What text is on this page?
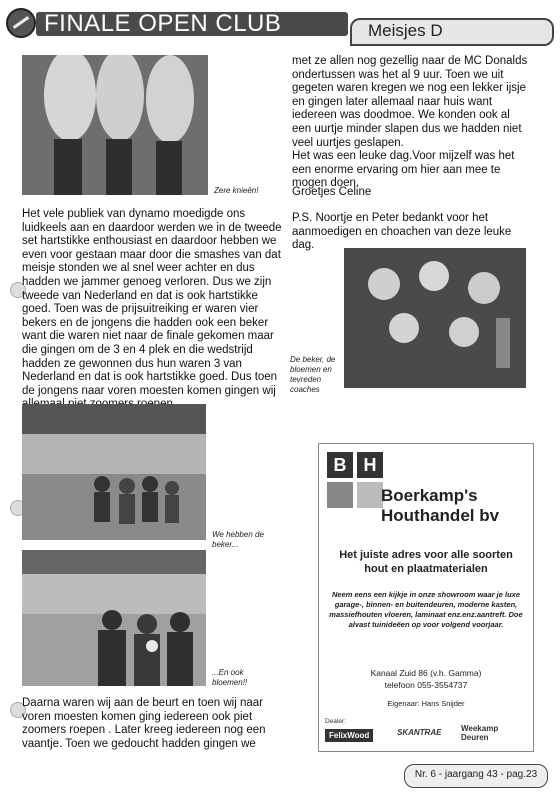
FINALE OPEN CLUB	Meisjes D
Zere knieën!
Het vele publiek van dynamo moedigde ons luidkeels aan en daardoor werden we in de tweede set hartstikke enthousiast en daardoor hebben we even voor gestaan maar door die smashes van dat meisje stonden we al snel weer achter en dus hadden we jammer genoeg verloren. Dus we zijn tweede van Nederland en dat is ook hartstikke goed. Toen was de prijsuitreiking er waren vier bekers en de jongens die hadden ook een beker want die waren niet naar de finale gekomen maar die gingen om de 3 en 4 plek en die wedstrijd hadden ze gewonnen dus hun waren 3 van Nederland en dat is ook hartstikke goed. Dus toen de jongens naar voren moesten komen gingen wij
We hebben de beker...
...En ook bloemen!!
Daarna waren wij aan de beurt en toen wij naar voren moesten komen ging iedereen ook piet zoomers roepen . Later kreeg iedereen nog een vaantje. Toen we gedoucht hadden gingen we
met ze allen nog gezellig naar de MC Donalds ondertussen was het al 9 uur. Toen we uit gegeten waren kregen we nog een lekker ijsje en gingen later allemaal naar huis want iedereen was doodmoe. We konden ook al een uurtje minder slapen dus we hadden niet veel uurtjes geslapen.
Het was een leuke dag.Voor mijzelf was het een enorme ervaring om hier aan mee te mogen doen.
Groetjes Celine
P.S. Noortje en Peter bedankt voor het aanmoedigen en choachen van deze leuke dag.
De beker, de bloemen en tevreden coaches
B H
Boerkamp's Houthandel bv
Het juiste adres voor alle soorten hout en plaatmaterialen
Neem eens een kijkje in onze showroom waar je luxe garage-, binnen- en buitendeuren, moderne kasten, massiefhouten vloeren, laminaat enz.enz.aantreft. Doe alvast tuinideëen op voor volgend voorjaar.
Kanaal Zuid 86 (v.h. Gamma)
telefoon 055-3554737
Eigenaar: Hans Snijder
Dealer:
FelixWood	SKANTRAE Weekamp Deuren
Nr. 6 - jaargang 43 - pag.23
